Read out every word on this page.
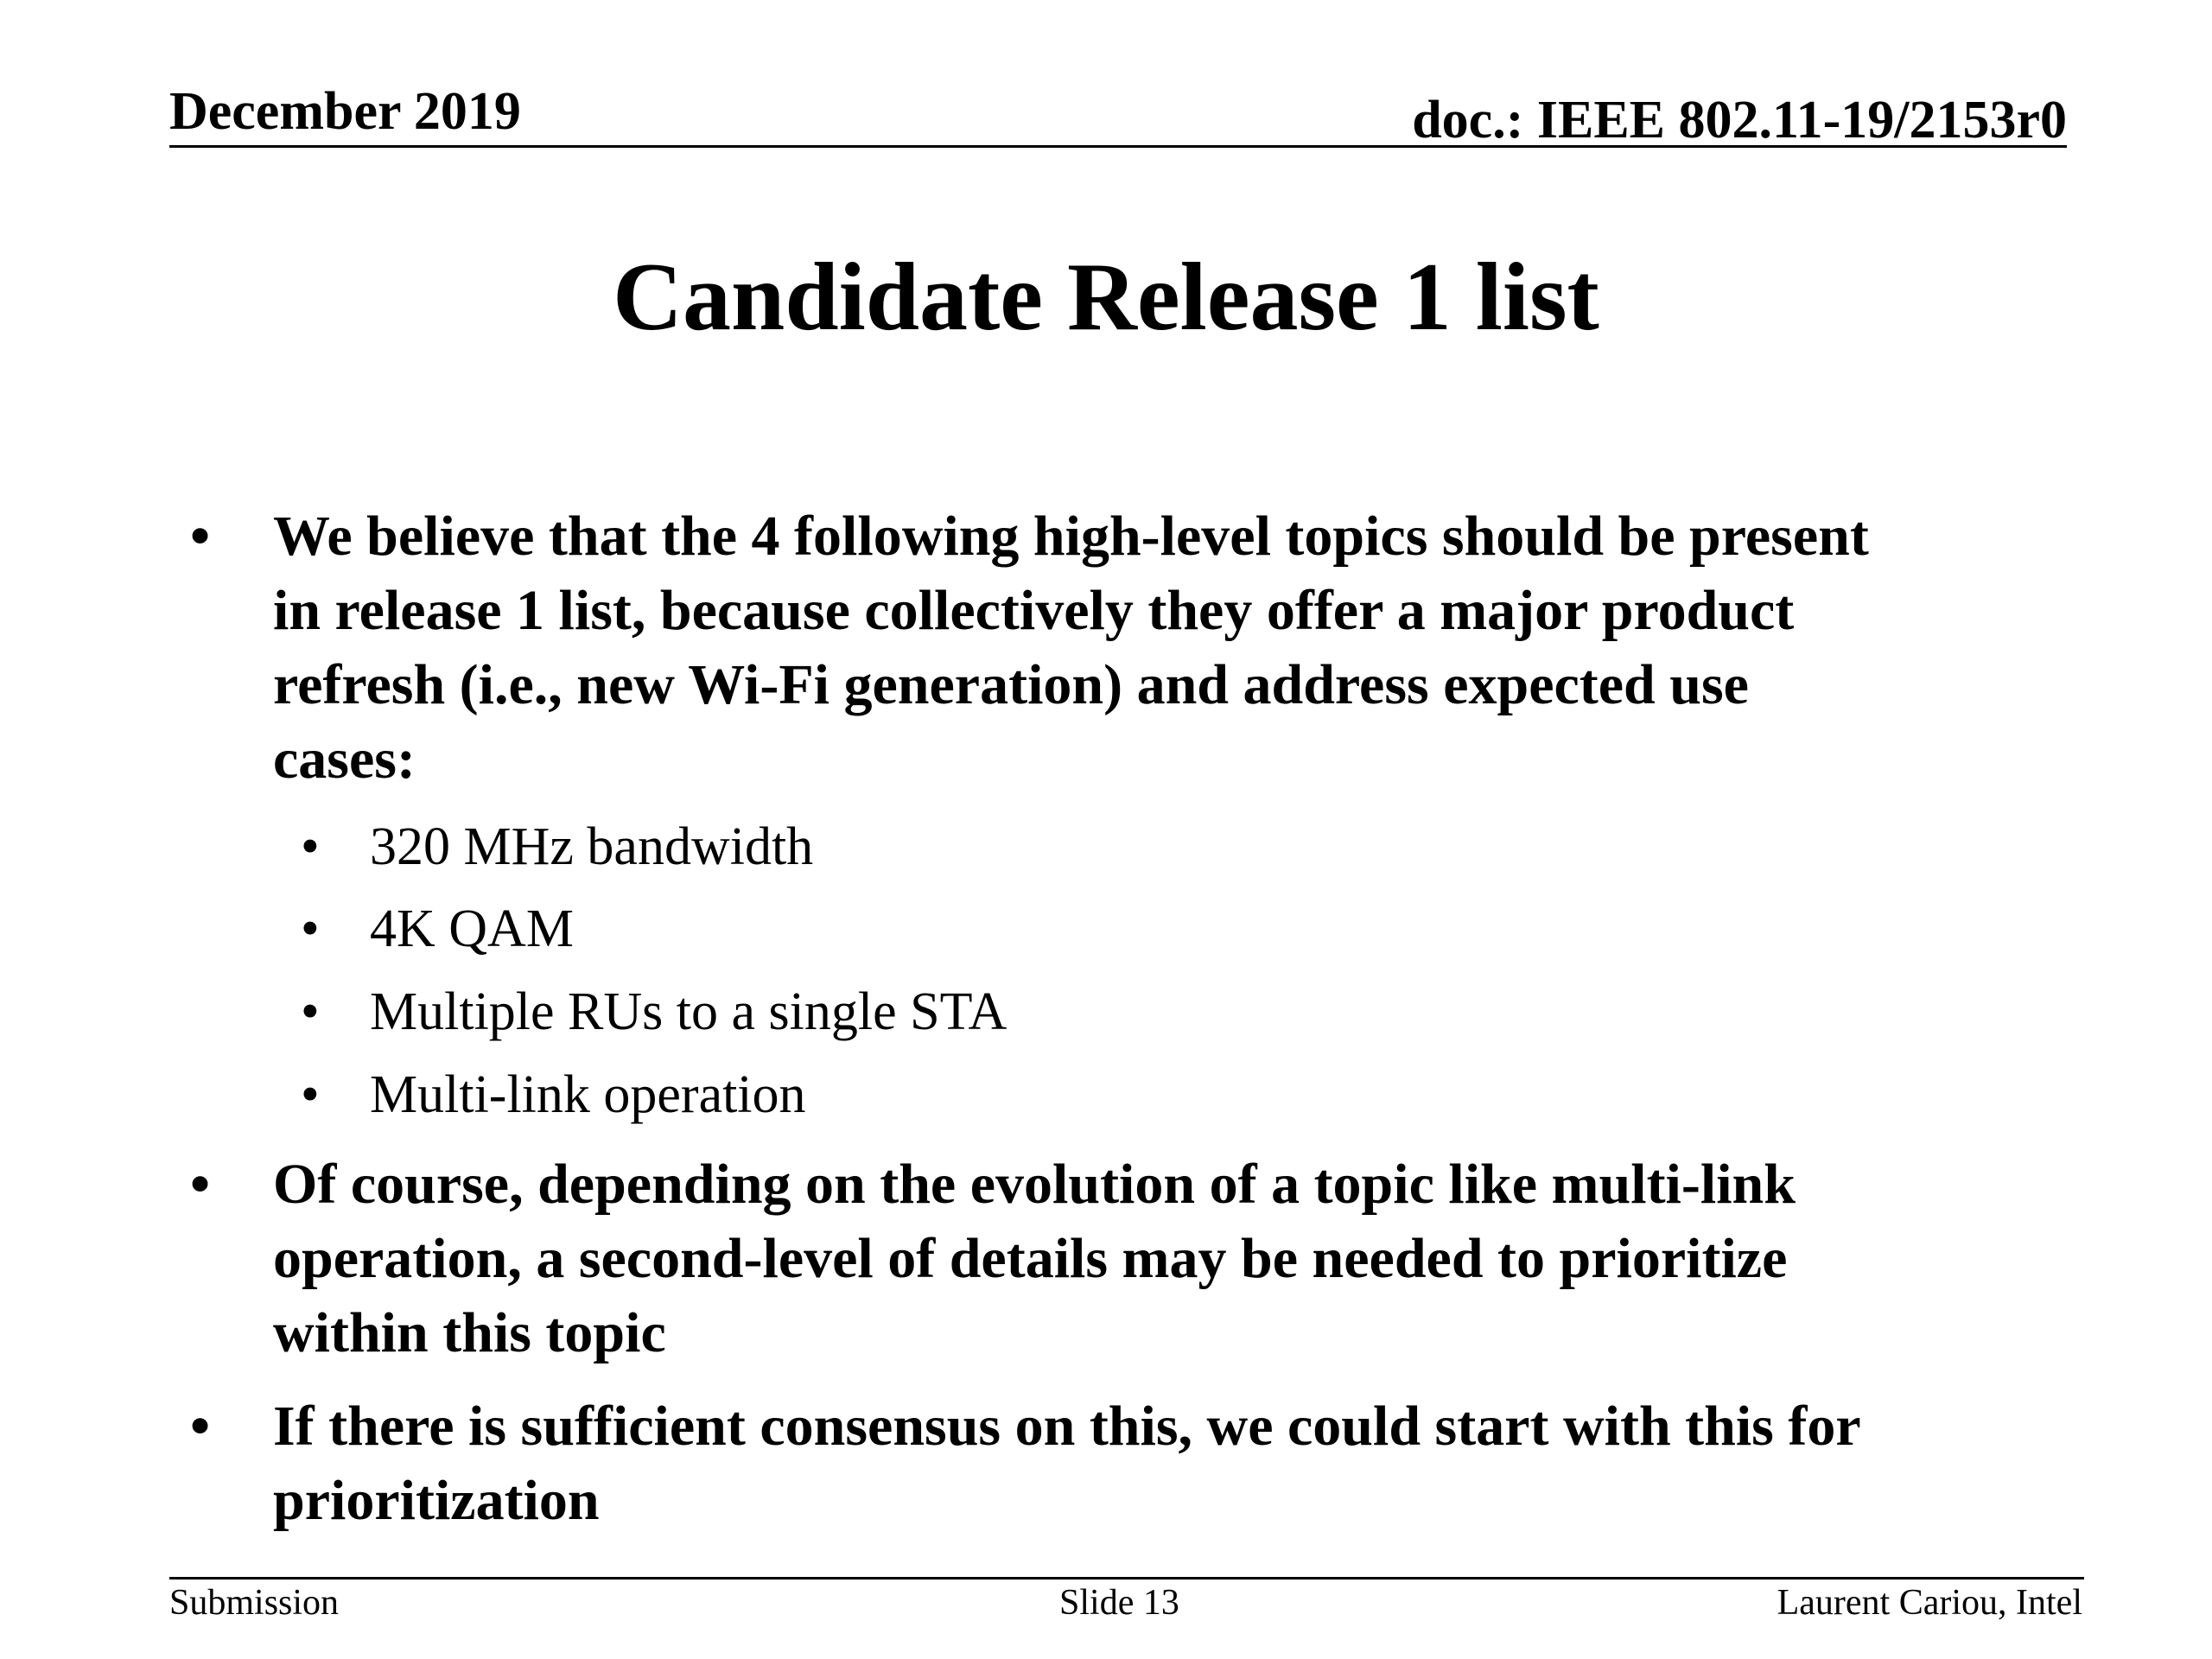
December 2019	doc.: IEEE 802.11-19/2153r0
Candidate Release 1 list
• We believe that the 4 following high-level topics should be present
in release 1 list, because collectively they offer a major product
refresh (i.e., new Wi-Fi generation) and address expected use
cases:
• 320 MHz bandwidth
• 4K QAM
• Multiple RUs to a single STA
• Multi-link operation
• Of course, depending on the evolution of a topic like multi-link
operation, a second-level of details may be needed to prioritize
within this topic
• If there is sufficient consensus on this, we could start with this for
prioritization
Submission	Slide 13	Laurent Cariou, Intel
